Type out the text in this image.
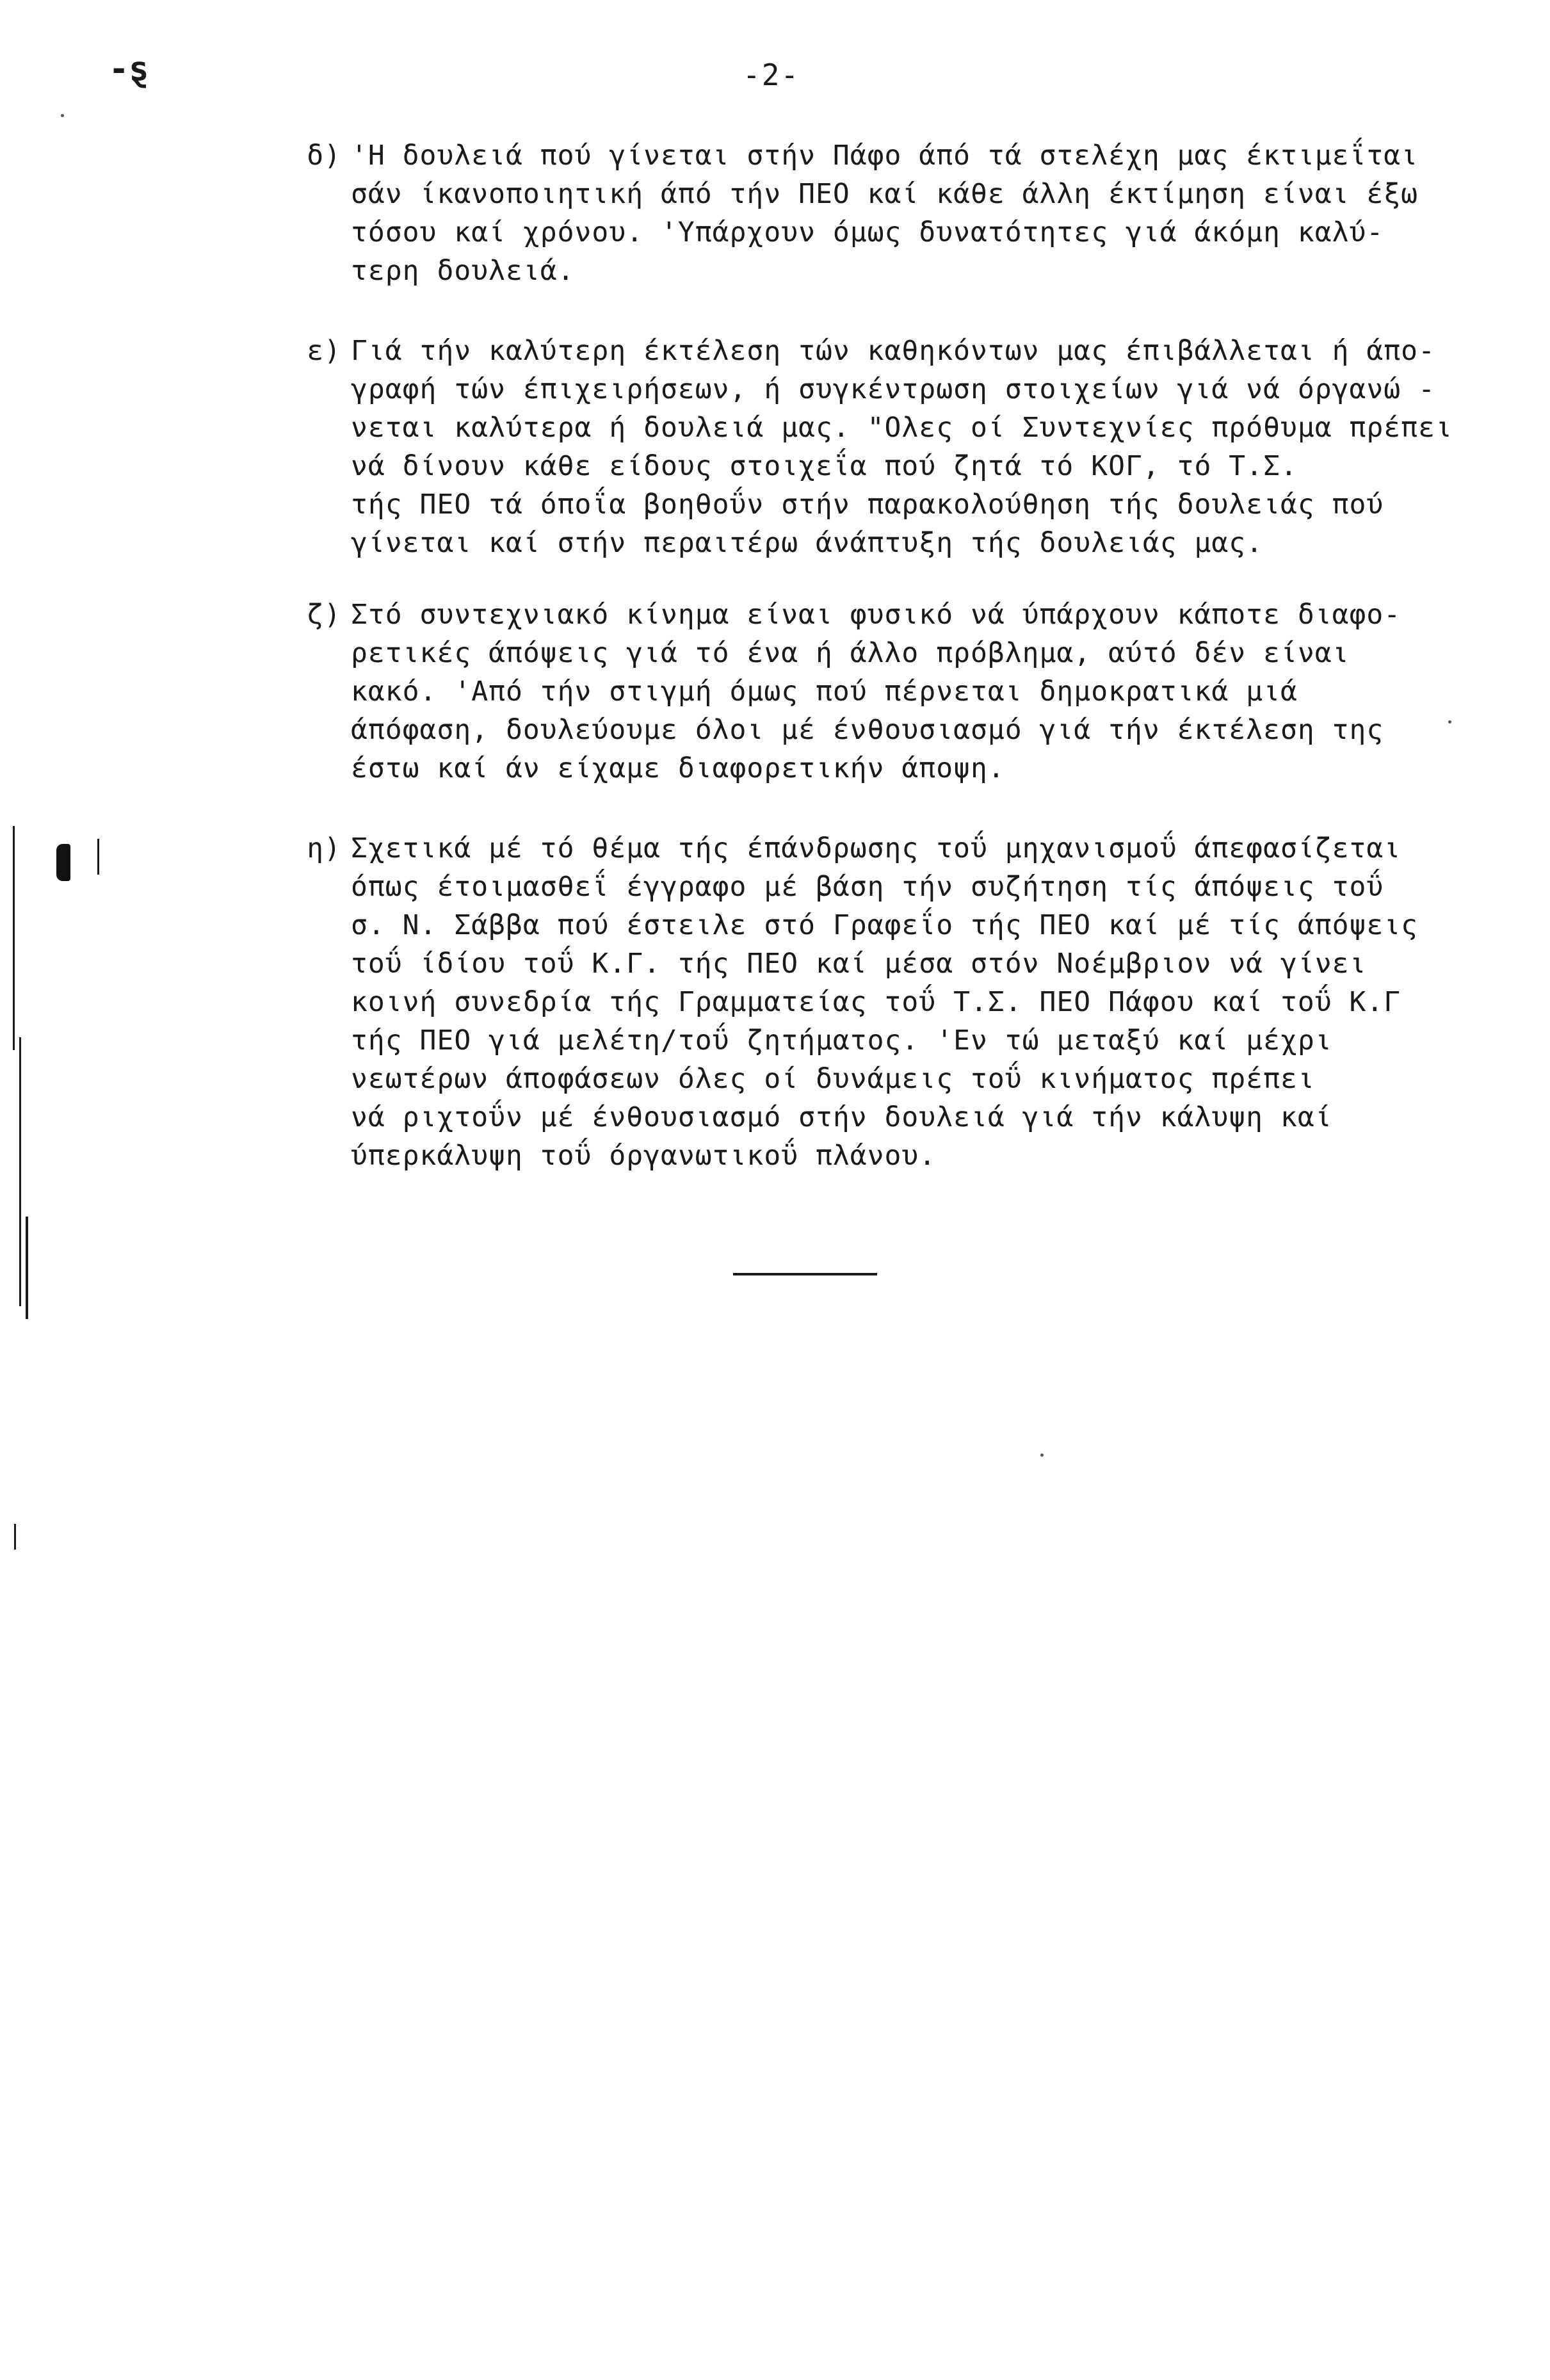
-ȿ	-2-
δ) 'Η δουλειά πού γίνεται στήν Πάφο άπό τά στελέχη μας έκτιμεΐται
σάν ίκανοποιητική άπό τήν ΠΕΟ καί κάθε άλλη έκτίμηση είναι έξω
τόσου καί χρόνου. 'Υπάρχουν όμως δυνατότητες γιά άκόμη καλύ-
τερη δουλειά.
ε) Γιά τήν καλύτερη έκτέλεση τών καθηκόντων μας έπιβάλλεται ή άπο-
γραφή τών έπιχειρήσεων, ή συγκέντρωση στοιχείων γιά νά όργανώ -
νεται καλύτερα ή δουλειά μας. "Ολες οί Συντεχνίες πρόθυμα πρέπει
νά δίνουν κάθε είδους στοιχεΐα πού ζητά τό ΚΟΓ, τό Τ.Σ.
τής ΠΕΟ τά όποΐα βοηθοΰν στήν παρακολούθηση τής δουλειάς πού
γίνεται καί στήν περαιτέρω άνάπτυξη τής δουλειάς μας.
ζ) Στό συντεχνιακό κίνημα είναι φυσικό νά ύπάρχουν κάποτε διαφο-
ρετικές άπόψεις γιά τό ένα ή άλλο πρόβλημα, αύτό δέν είναι
κακό. 'Από τήν στιγμή όμως πού πέρνεται δημοκρατικά μιά
άπόφαση, δουλεύουμε όλοι μέ ένθουσιασμό γιά τήν έκτέλεση της
έστω καί άν είχαμε διαφορετικήν άποψη.
η) Σχετικά μέ τό θέμα τής έπάνδρωσης τοΰ μηχανισμοΰ άπεφασίζεται
όπως έτοιμασθεΐ έγγραφο μέ βάση τήν συζήτηση τίς άπόψεις τοΰ
σ. Ν. Σάββα πού έστειλε στό Γραφεΐο τής ΠΕΟ καί μέ τίς άπόψεις
τοΰ ίδίου τοΰ Κ.Γ. τής ΠΕΟ καί μέσα στόν Νοέμβριον νά γίνει
κοινή συνεδρία τής Γραμματείας τοΰ Τ.Σ. ΠΕΟ Πάφου καί τοΰ Κ.Γ
τής ΠΕΟ γιά μελέτη/τοΰ ζητήματος. 'Εν τώ μεταξύ καί μέχρι
νεωτέρων άποφάσεων όλες οί δυνάμεις τοΰ κινήματος πρέπει
νά ριχτοΰν μέ ένθουσιασμό στήν δουλειά γιά τήν κάλυψη καί
ύπερκάλυψη τοΰ όργανωτικοΰ πλάνου.
